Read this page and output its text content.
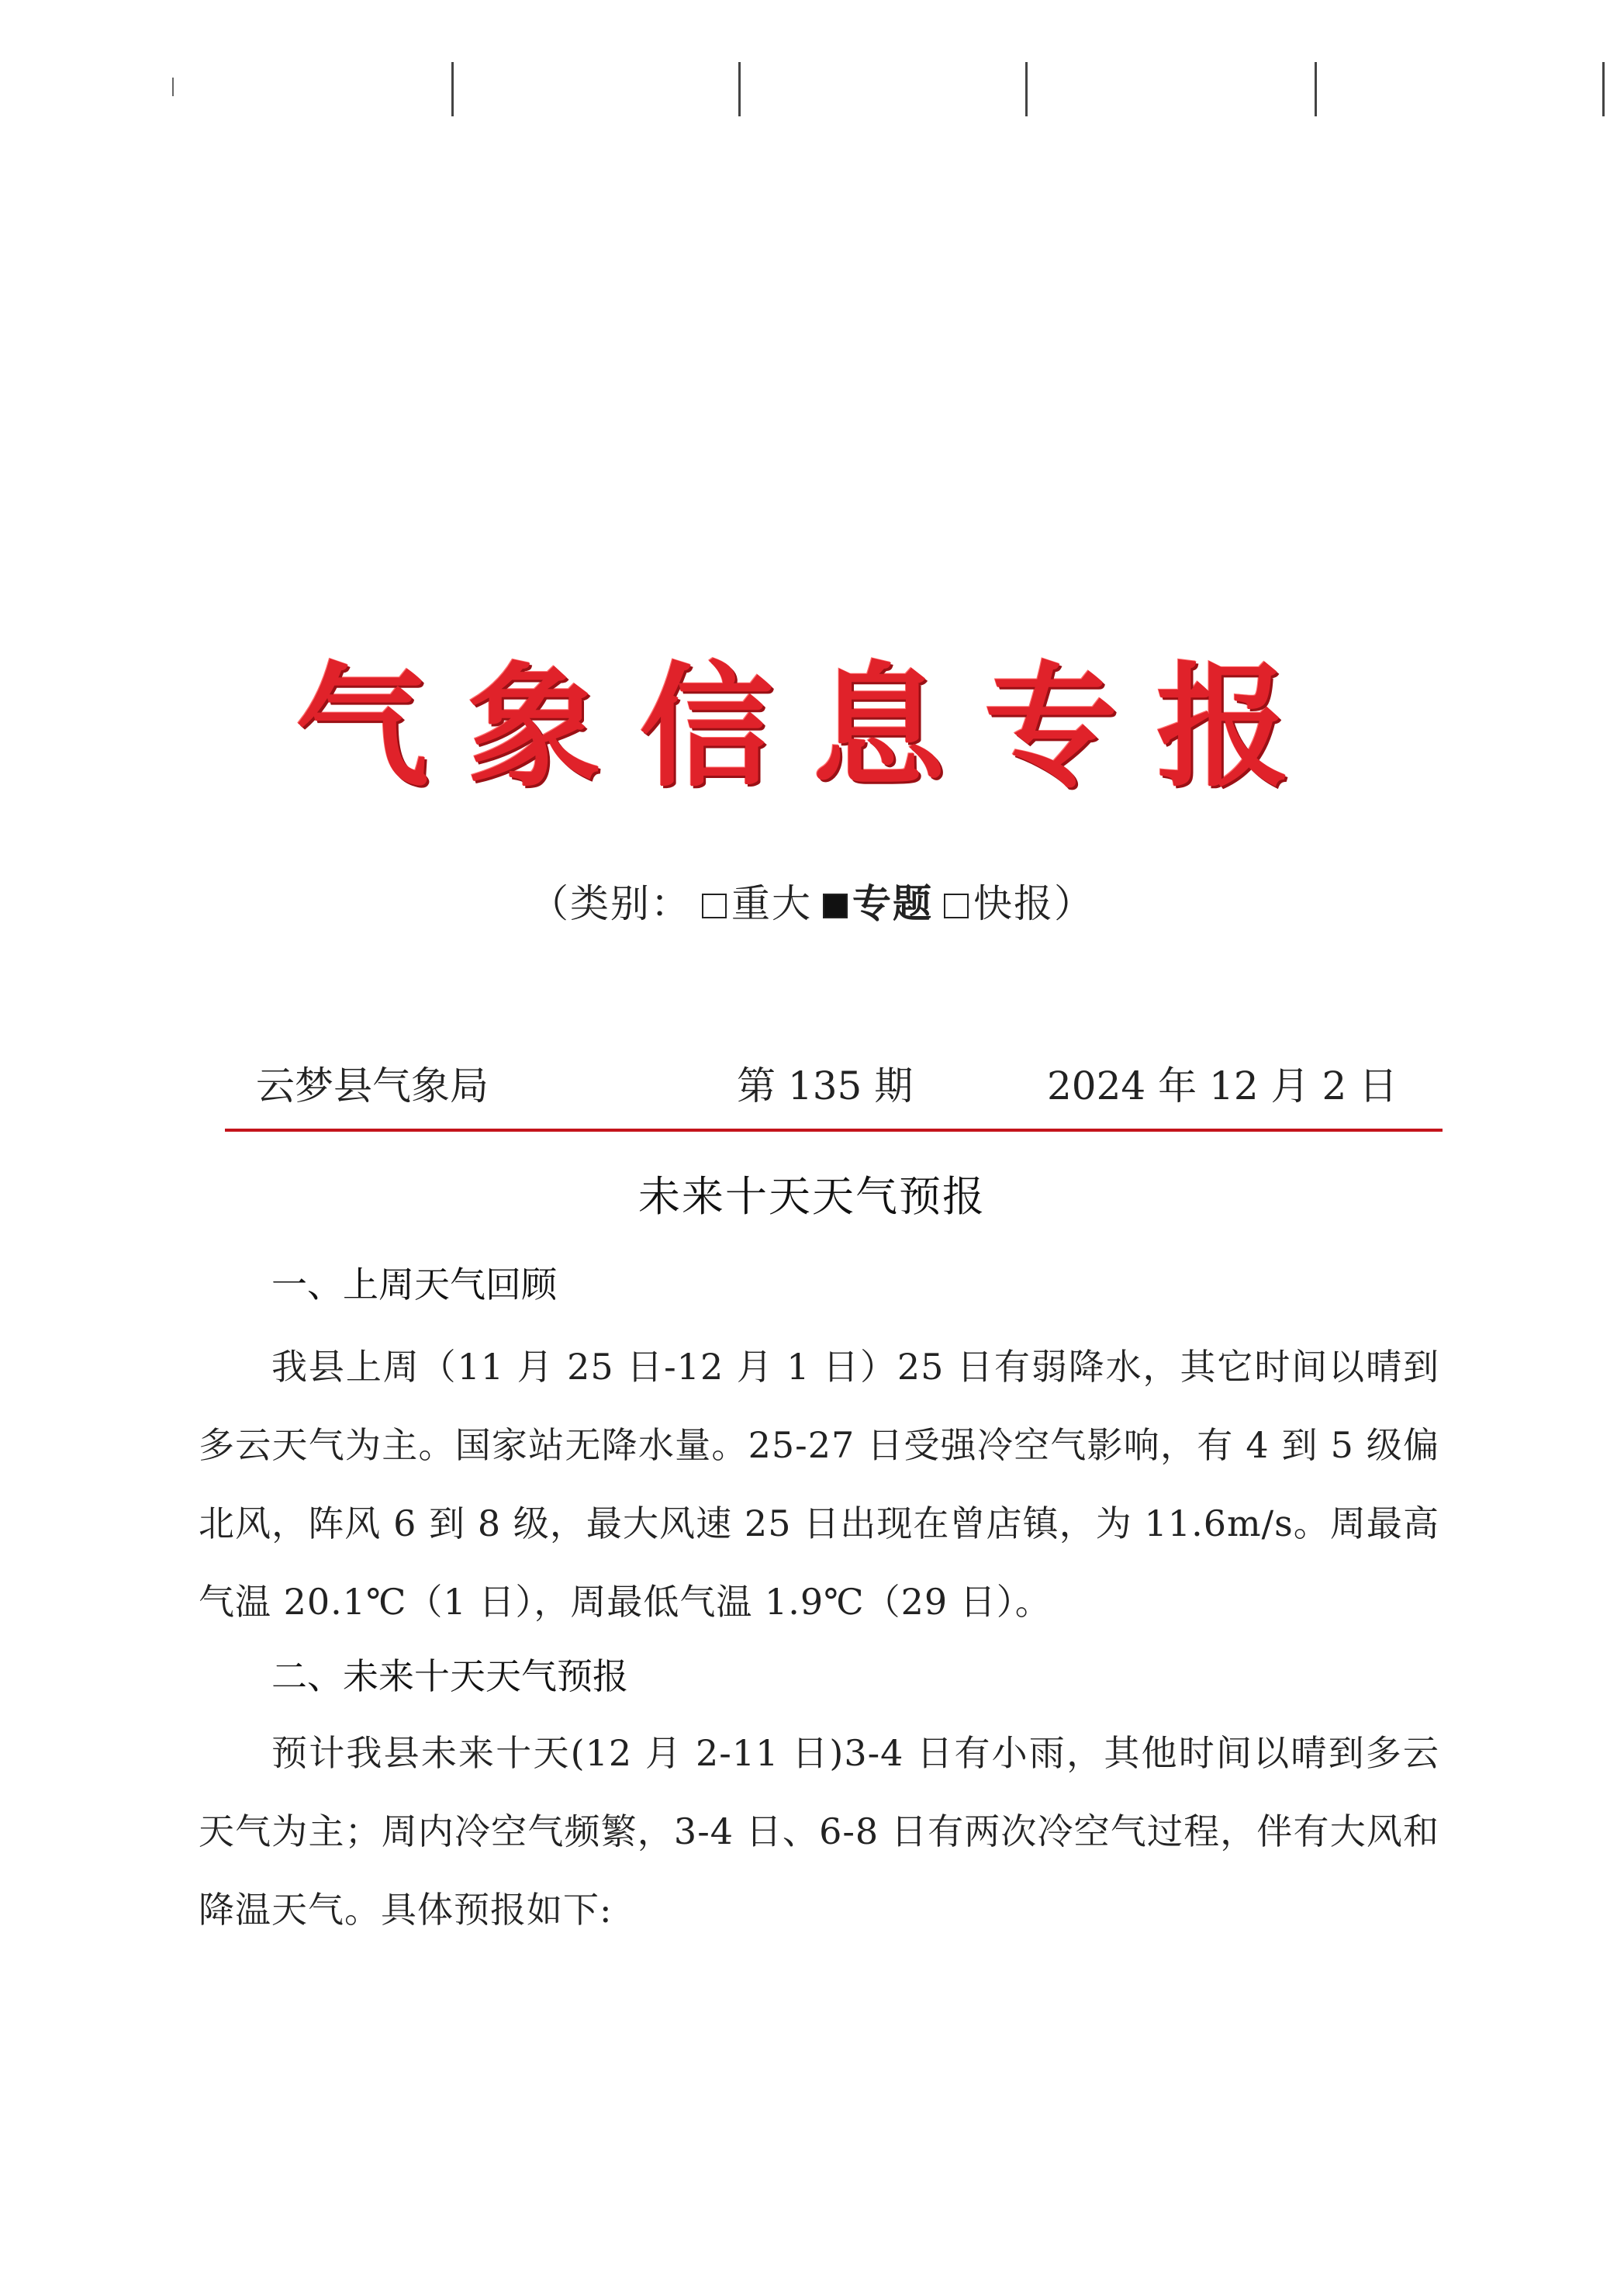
气象信息专报
（类别： 重大 专题 快报）
云梦县气象局	第 135 期	2024 年 12 月 2 日
未来十天天气预报
一、上周天气回顾
我县上周（11 月 25 日-12 月 1 日）25 日有弱降水，其它时间以晴到多云天气为主。国家站无降水量。25-27 日受强冷空气影响，有 4 到 5 级偏北风，阵风 6 到 8 级，最大风速 25 日出现在曾店镇，为 11.6m/s。周最高气温 20.1℃（1 日），周最低气温 1.9℃（29 日）。
二、未来十天天气预报
预计我县未来十天(12 月 2-11 日)3-4 日有小雨，其他时间以晴到多云天气为主；周内冷空气频繁，3-4 日、6-8 日有两次冷空气过程，伴有大风和降温天气。具体预报如下:
